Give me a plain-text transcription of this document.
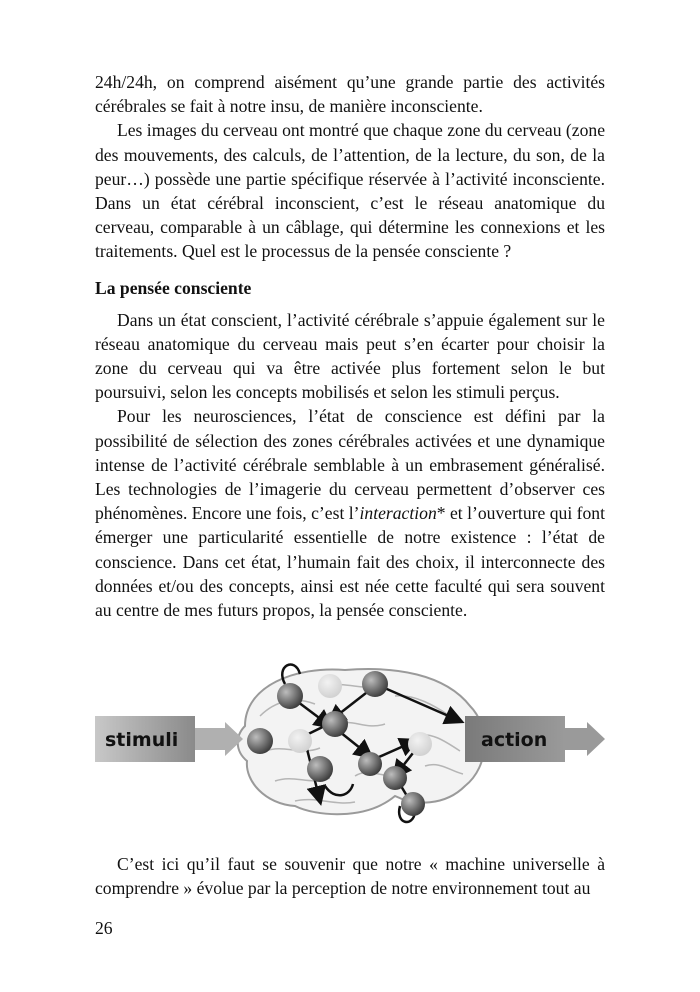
24h/24h, on comprend aisément qu’une grande partie des activités cérébrales se fait à notre insu, de manière inconsciente.

Les images du cerveau ont montré que chaque zone du cerveau (zone des mouvements, des calculs, de l’attention, de la lecture, du son, de la peur…) possède une partie spécifique réservée à l’activité inconsciente. Dans un état cérébral inconscient, c’est le réseau anatomique du cerveau, comparable à un câblage, qui détermine les connexions et les traitements. Quel est le processus de la pensée consciente ?

La pensée consciente

Dans un état conscient, l’activité cérébrale s’appuie également sur le réseau anatomique du cerveau mais peut s’en écarter pour choisir la zone du cerveau qui va être activée plus fortement selon le but poursuivi, selon les concepts mobilisés et selon les stimuli perçus.

Pour les neurosciences, l’état de conscience est défini par la possibilité de sélection des zones cérébrales activées et une dynamique intense de l’activité cérébrale semblable à un embrasement généralisé. Les technologies de l’imagerie du cerveau permettent d’observer ces phénomènes. Encore une fois, c’est l’interaction* et l’ouverture qui font émerger une particularité essentielle de notre existence : l’état de conscience. Dans cet état, l’humain fait des choix, il interconnecte des données et/ou des concepts, ainsi est née cette faculté qui sera souvent au centre de mes futurs propos, la pensée consciente.

stimuli	action

C’est ici qu’il faut se souvenir que notre « machine universelle à comprendre » évolue par la perception de notre environnement tout au

26
